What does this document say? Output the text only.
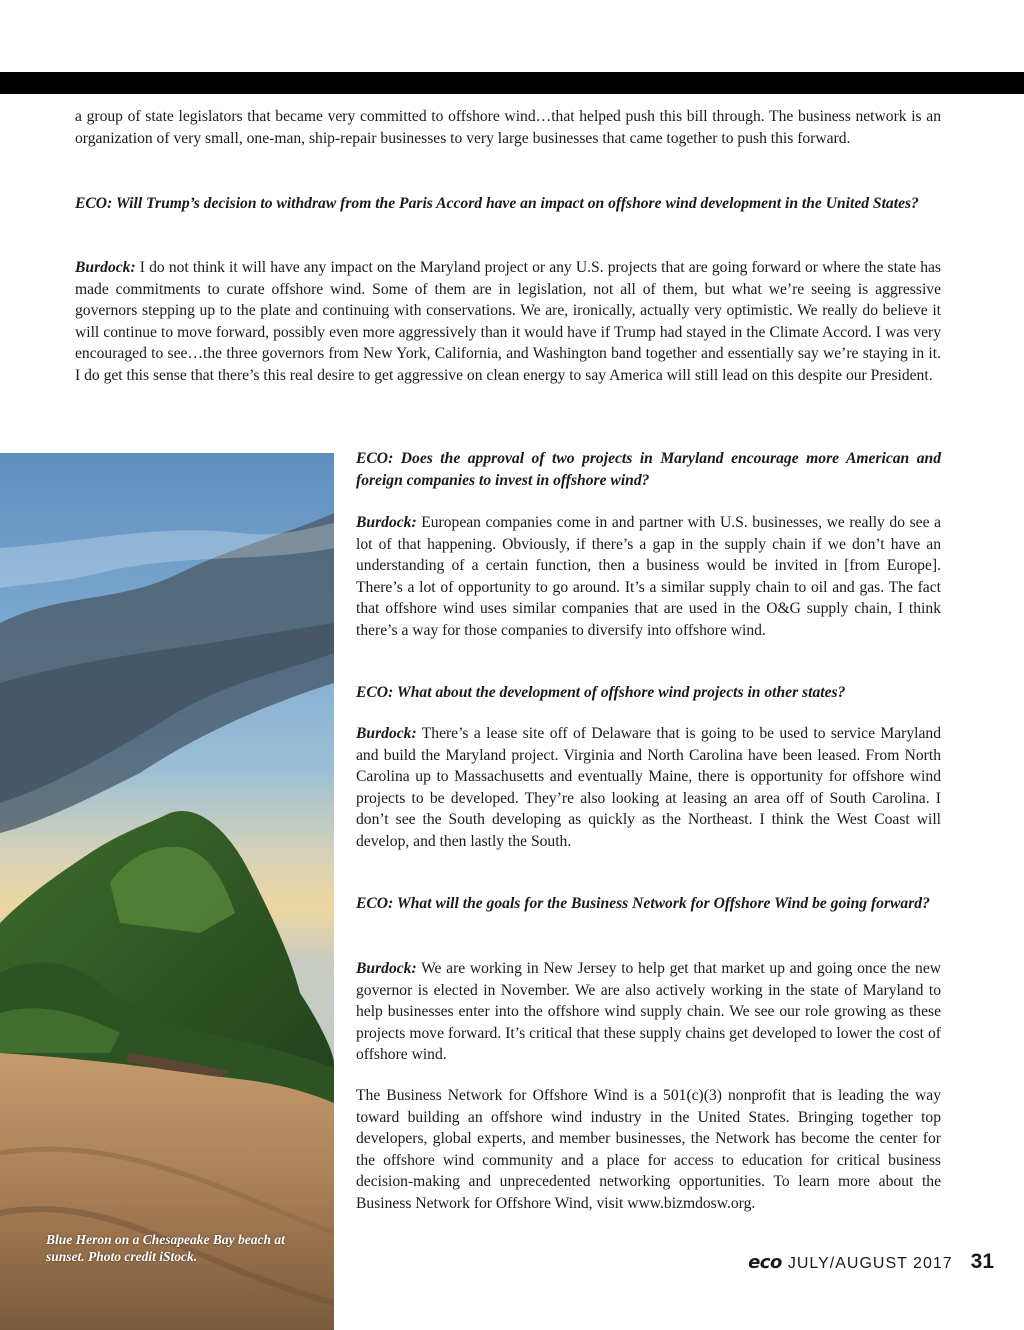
a group of state legislators that became very committed to offshore wind…that helped push this bill through. The business network is an organization of very small, one-man, ship-repair businesses to very large businesses that came together to push this forward.

ECO: Will Trump’s decision to withdraw from the Paris Accord have an impact on offshore wind development in the United States?

Burdock: I do not think it will have any impact on the Maryland project or any U.S. projects that are going forward or where the state has made commitments to curate offshore wind. Some of them are in legislation, not all of them, but what we’re seeing is aggressive governors stepping up to the plate and continuing with conservations. We are, ironically, actually very optimistic. We really do believe it will continue to move forward, possibly even more aggressively than it would have if Trump had stayed in the Climate Accord. I was very encouraged to see…the three governors from New York, California, and Washington band together and essentially say we’re staying in it. I do get this sense that there’s this real desire to get aggressive on clean energy to say America will still lead on this despite our President.

Blue Heron on a Chesapeake Bay beach at sunset. Photo credit iStock.

ECO: Does the approval of two projects in Maryland encourage more American and foreign companies to invest in offshore wind?

Burdock: European companies come in and partner with U.S. businesses, we really do see a lot of that happening. Obviously, if there’s a gap in the supply chain if we don’t have an understanding of a certain function, then a business would be invited in [from Europe]. There’s a lot of opportunity to go around. It’s a similar supply chain to oil and gas. The fact that offshore wind uses similar companies that are used in the O&G supply chain, I think there’s a way for those companies to diversify into offshore wind.

ECO: What about the development of offshore wind projects in other states?

Burdock: There’s a lease site off of Delaware that is going to be used to service Maryland and build the Maryland project. Virginia and North Carolina have been leased. From North Carolina up to Massachusetts and eventually Maine, there is opportunity for offshore wind projects to be developed. They’re also looking at leasing an area off of South Carolina. I don’t see the South developing as quickly as the Northeast. I think the West Coast will develop, and then lastly the South.

ECO: What will the goals for the Business Network for Offshore Wind be going forward?

Burdock: We are working in New Jersey to help get that market up and going once the new governor is elected in November. We are also actively working in the state of Maryland to help businesses enter into the offshore wind supply chain. We see our role growing as these projects move forward. It’s critical that these supply chains get developed to lower the cost of offshore wind.

The Business Network for Offshore Wind is a 501(c)(3) nonprofit that is leading the way toward building an offshore wind industry in the United States. Bringing together top developers, global experts, and member businesses, the Network has become the center for the offshore wind community and a place for access to education for critical business decision-making and unprecedented networking opportunities. To learn more about the Business Network for Offshore Wind, visit www.bizmdosw.org.

eco JULY/AUGUST 2017 31
